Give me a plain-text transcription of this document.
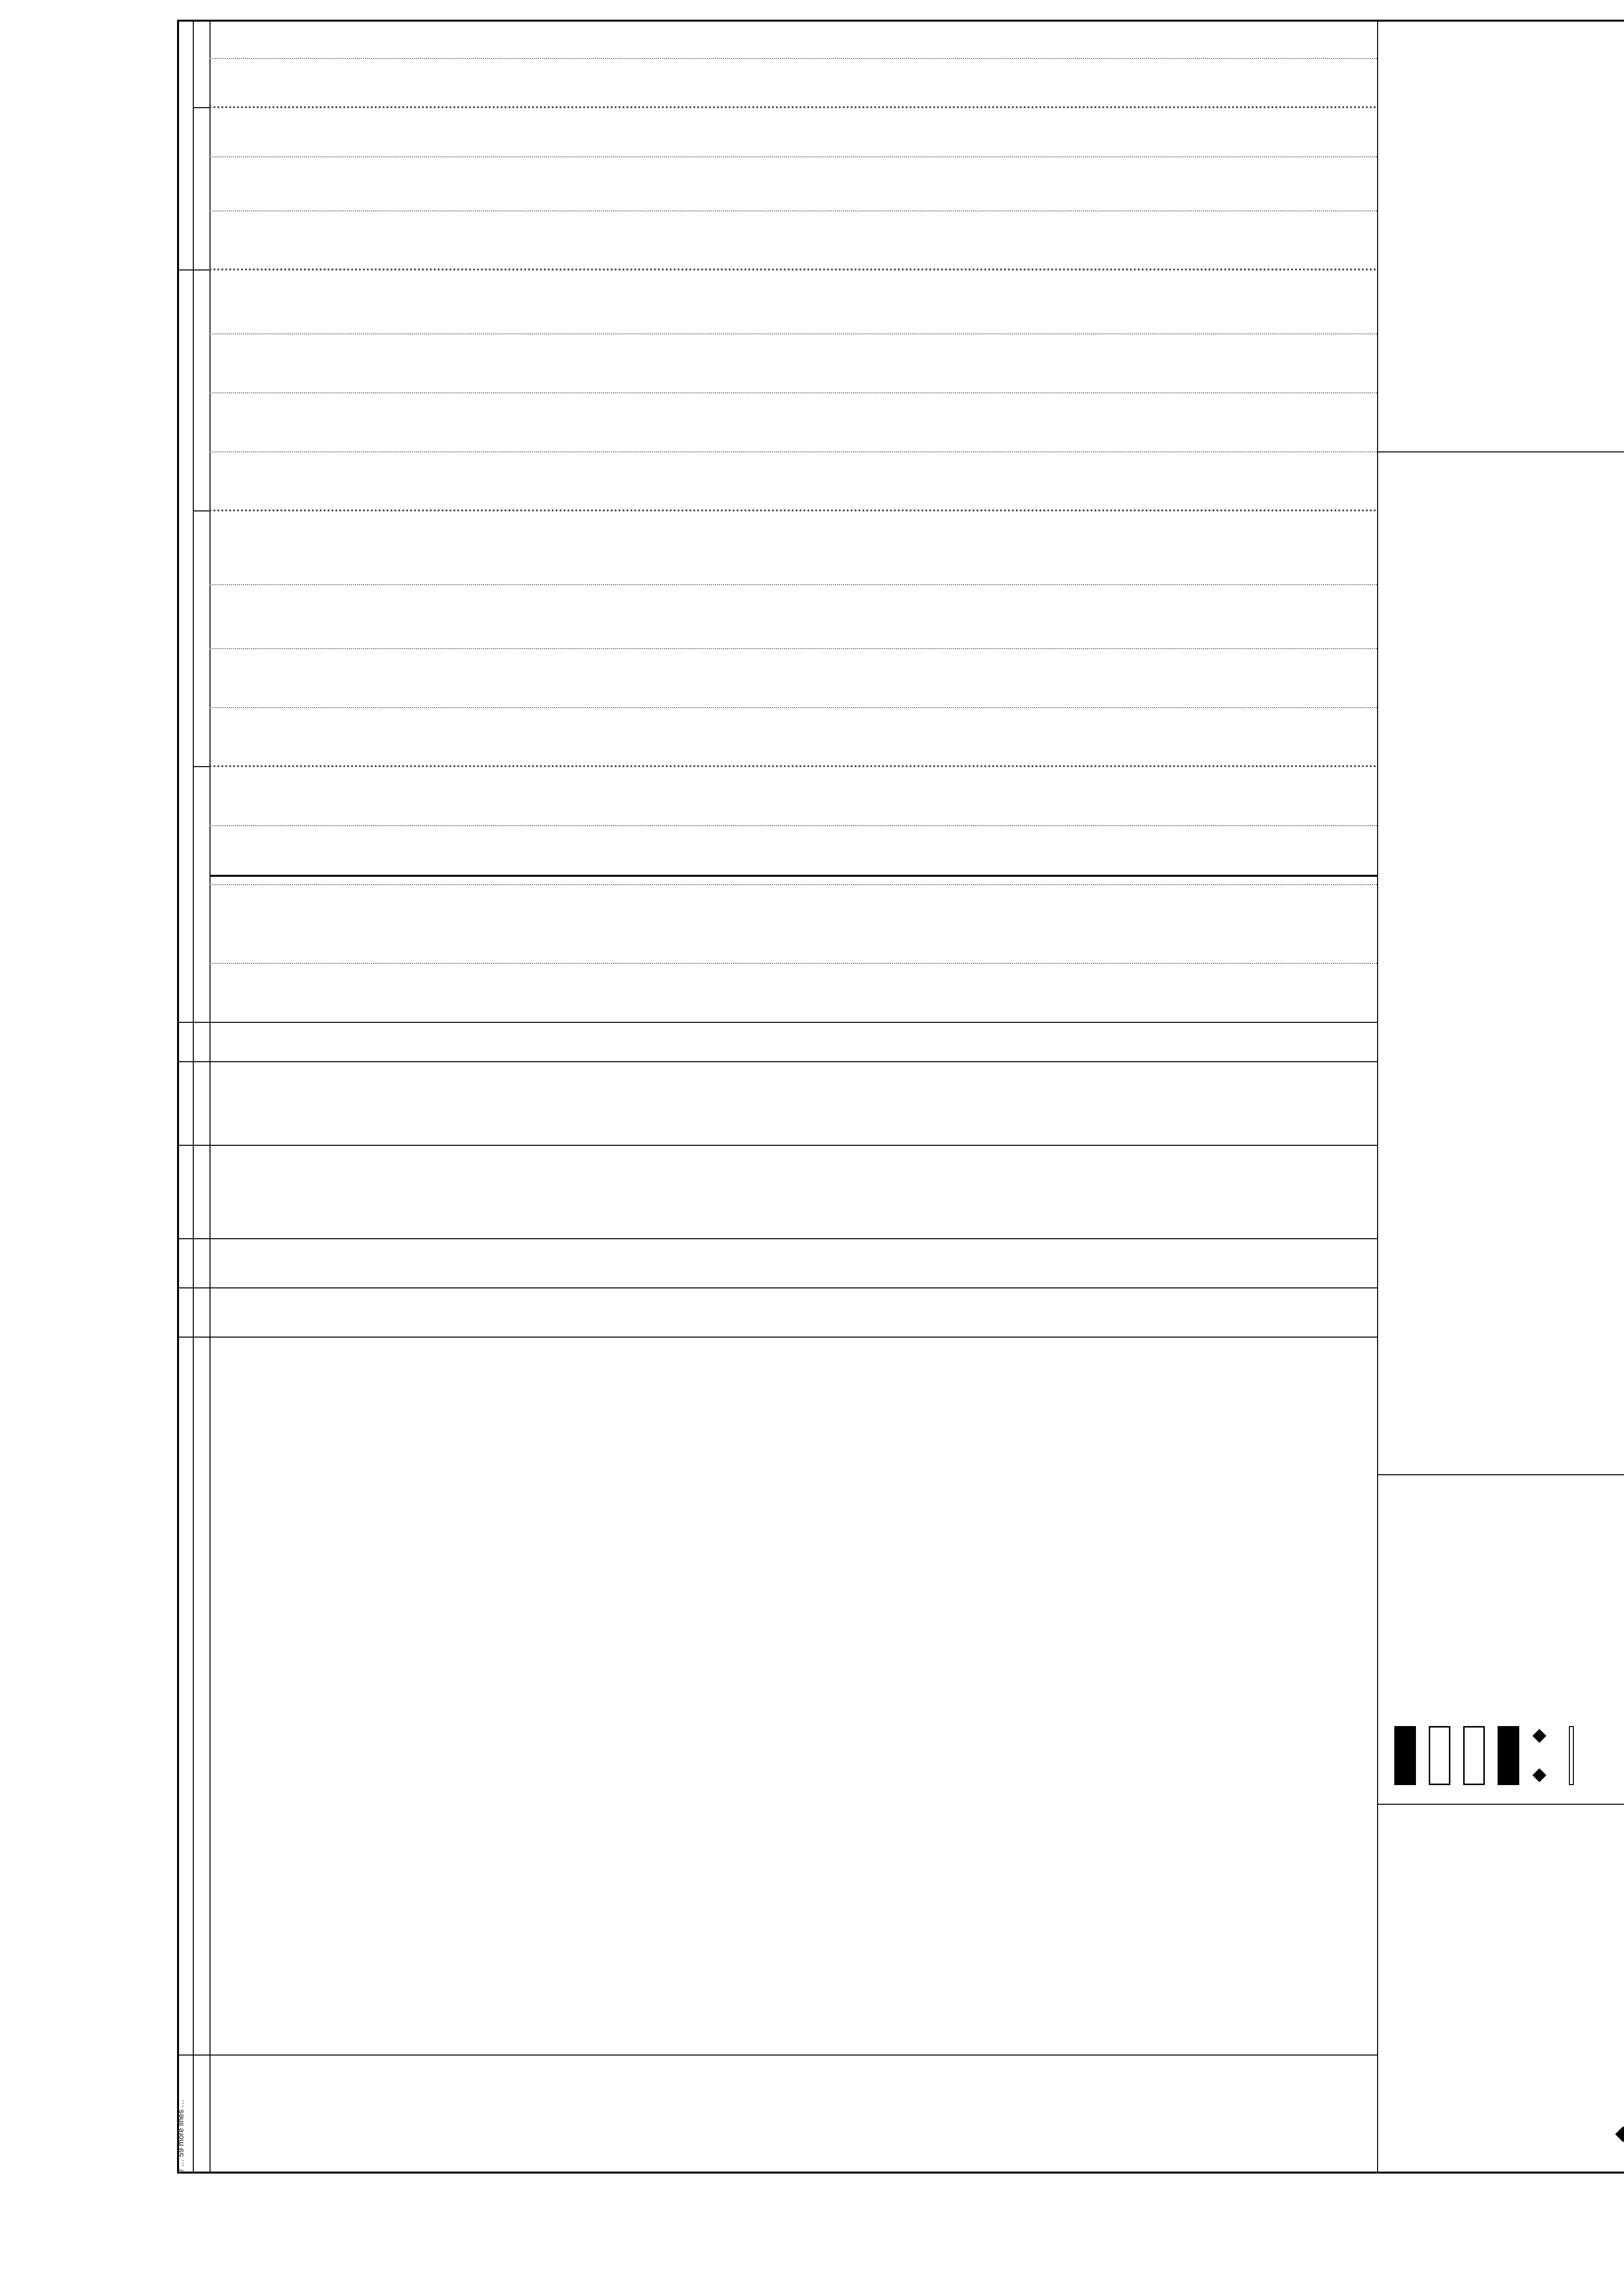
// … 59 more lines …
